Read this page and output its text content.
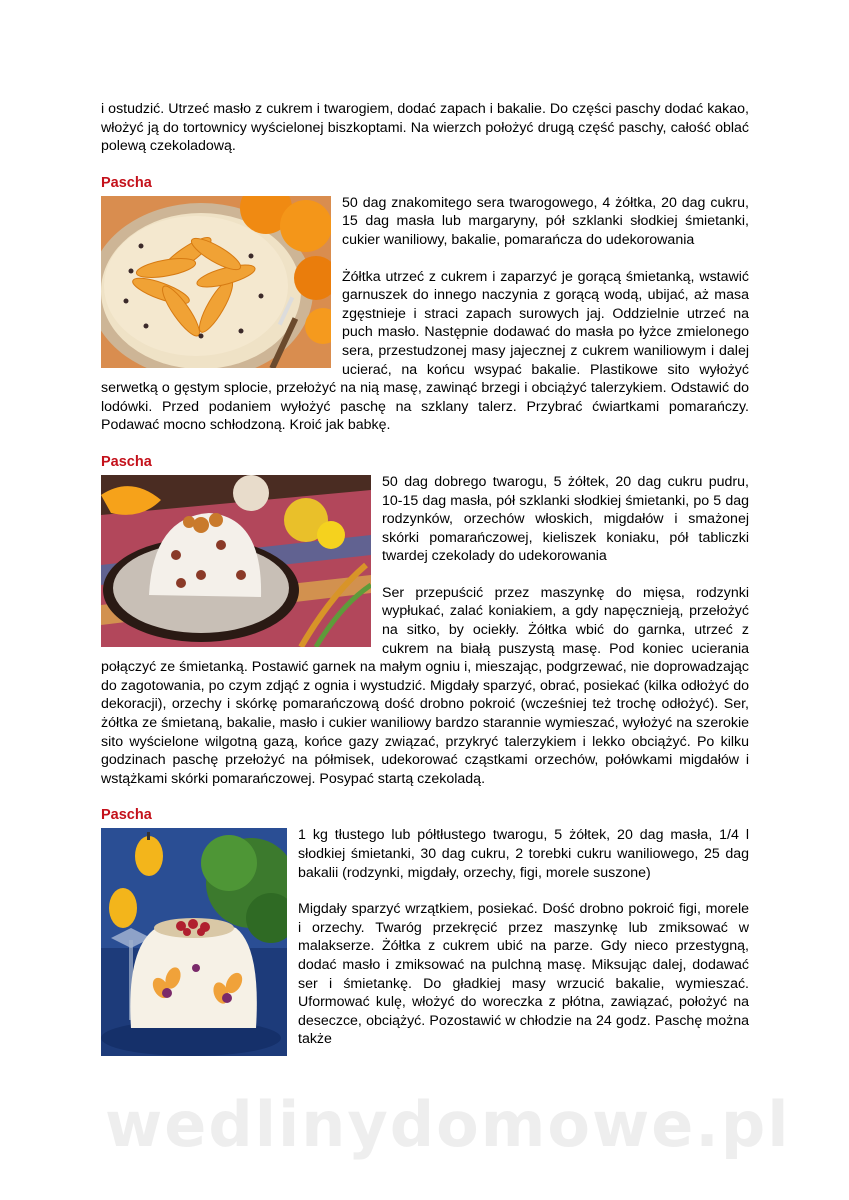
i ostudzić. Utrzeć masło z cukrem i twarogiem, dodać zapach i bakalie. Do części paschy dodać kakao, włożyć ją do tortownicy wyścielonej biszkoptami. Na wierzch położyć drugą część paschy, całość oblać polewą czekoladową.

Pascha

50 dag znakomitego sera twarogowego, 4 żółtka, 20 dag cukru, 15 dag masła lub margaryny, pół szklanki słodkiej śmietanki, cukier waniliowy, bakalie, pomarańcza do udekorowania

Żółtka utrzeć z cukrem i zaparzyć je gorącą śmietanką, wstawić garnuszek do innego naczynia z gorącą wodą, ubijać, aż masa zgęstnieje i straci zapach surowych jaj. Oddzielnie utrzeć na puch masło. Następnie dodawać do masła po łyżce zmielonego sera, przestudzonej masy jajecznej z cukrem waniliowym i dalej ucierać, na końcu wsypać bakalie. Plastikowe sito wyłożyć serwetką o gęstym splocie, przełożyć na nią masę, zawinąć brzegi i obciążyć talerzykiem. Odstawić do lodówki. Przed podaniem wyłożyć paschę na szklany talerz. Przybrać ćwiartkami pomarańczy. Podawać mocno schłodzoną. Kroić jak babkę.

Pascha

50 dag dobrego twarogu, 5 żółtek, 20 dag cukru pudru, 10-15 dag masła, pół szklanki słodkiej śmietanki, po 5 dag rodzynków, orzechów włoskich, migdałów i smażonej skórki pomarańczowej, kieliszek koniaku, pół tabliczki twardej czekolady do udekorowania

Ser przepuścić przez maszynkę do mięsa, rodzynki wypłukać, zalać koniakiem, a gdy napęcznieją, przełożyć na sitko, by ociekły. Żółtka wbić do garnka, utrzeć z cukrem na białą puszystą masę. Pod koniec ucierania połączyć ze śmietanką. Postawić garnek na małym ogniu i, mieszając, podgrzewać, nie doprowadzając do zagotowania, po czym zdjąć z ognia i wystudzić. Migdały sparzyć, obrać, posiekać (kilka odłożyć do dekoracji), orzechy i skórkę pomarańczową dość drobno pokroić (wcześniej też trochę odłożyć). Ser, żółtka ze śmietaną, bakalie, masło i cukier waniliowy bardzo starannie wymieszać, wyłożyć na szerokie sito wyścielone wilgotną gazą, końce gazy związać, przykryć talerzykiem i lekko obciążyć. Po kilku godzinach paschę przełożyć na półmisek, udekorować cząstkami orzechów, połówkami migdałów i wstążkami skórki pomarańczowej. Posypać startą czekoladą.

Pascha

1 kg tłustego lub półtłustego twarogu, 5 żółtek, 20 dag masła, 1/4 l słodkiej śmietanki, 30 dag cukru, 2 torebki cukru waniliowego, 25 dag bakalii (rodzynki, migdały, orzechy, figi, morele suszone)

Migdały sparzyć wrzątkiem, posiekać. Dość drobno pokroić figi, morele i orzechy. Twaróg przekręcić przez maszynkę lub zmiksować w malakserze. Żółtka z cukrem ubić na parze. Gdy nieco przestygną, dodać masło i zmiksować na pulchną masę. Miksując dalej, dodawać ser i śmietankę. Do gładkiej masy wrzucić bakalie, wymieszać. Uformować kulę, włożyć do woreczka z płótna, zawiązać, położyć na deseczce, obciążyć. Pozostawić w chłodzie na 24 godz. Paschę można także

wedlinydomowe.pl
